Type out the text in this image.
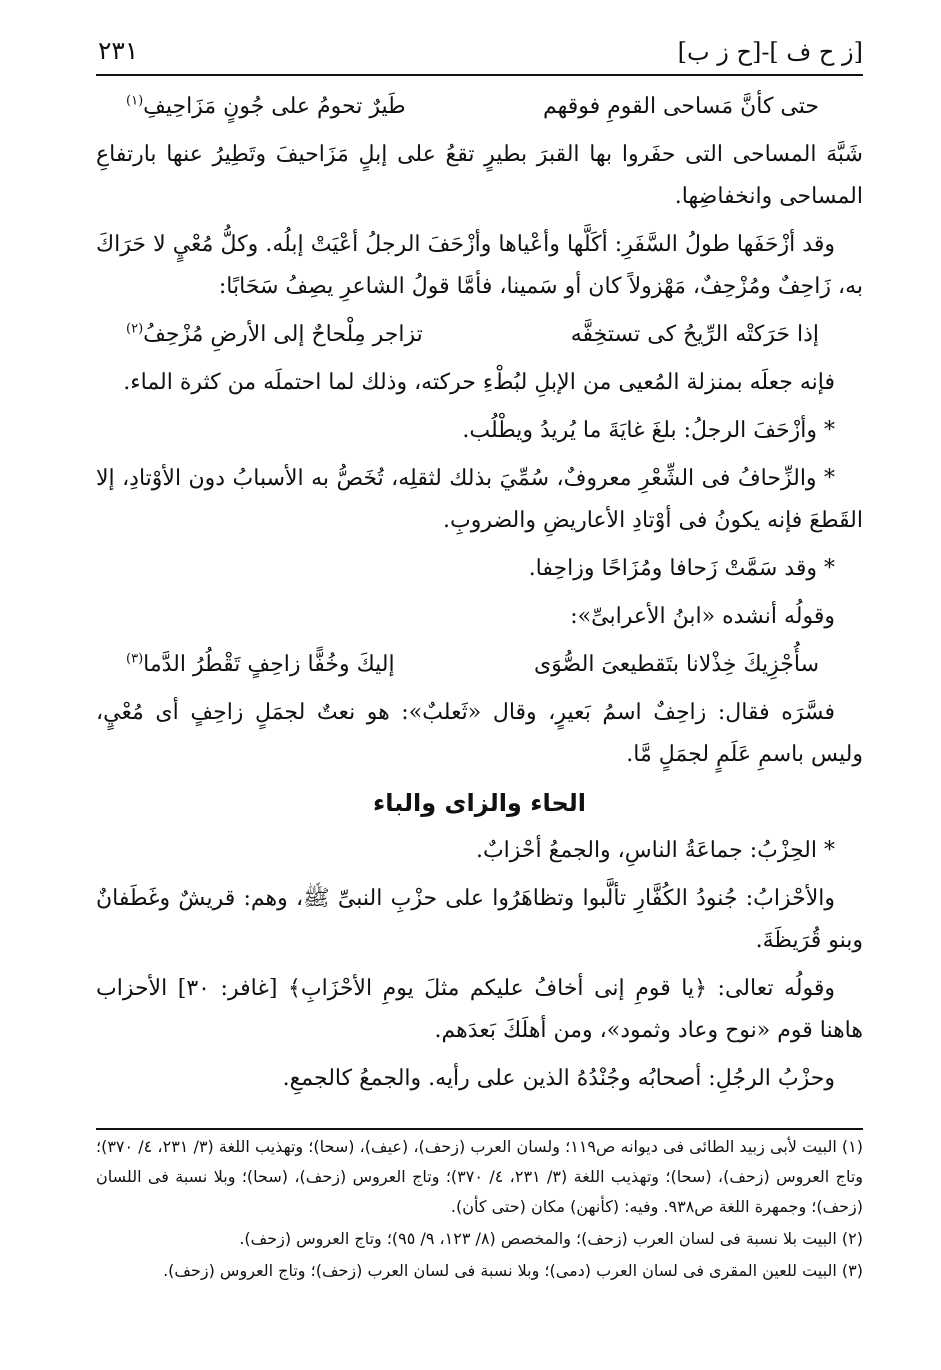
[ز ح ف ]-[ح ز ب]
٢٣١
حتى كأنَّ مَساحى القومِ فوقهم
طَيرٌ تحومُ على جُونٍ مَزَاحِيفِ$^{(١)}$

شَبَّهَ المساحى التى حفَروا بها القبرَ بطيرٍ تقعُ على إبلٍ مَزَاحيفَ وتَطِيرُ عنها بارتفاعِ المساحى وانخفاضِها.

وقد أزْحَفَها طولُ السَّفَرِ: أكَلَّها وأعْياها وأزْحَفَ الرجلُ أعْيَتْ إبلُه. وكلُّ مُعْيٍ لا حَرَاكَ به، زَاحِفٌ ومُزْحِفٌ، مَهْزولاً كان أو سَمينا، فأمَّا قولُ الشاعرِ يصِفُ سَحَابًا:

إذا حَرَكتْه الرِّيحُ كى تستخِفَّه
تزاجر مِلْحاحٌ إلى الأرضِ مُزْحِفُ$^{(٢)}$

فإنه جعلَه بمنزلة المُعيى من الإبلِ لبُطْءِ حركته، وذلك لما احتملَه من كثرة الماء.

* وأزْحَفَ الرجلُ: بلغَ غايَةَ ما يُريدُ ويطْلُب.

* والزِّحافُ فى الشِّعْرِ معروفٌ، سُمِّيَ بذلك لثقلِه، تُخَصُّ به الأسبابُ دون الأوْتادِ، إلا القَطعَ فإنه يكونُ فى أوْتادِ الأعاريضِ والضروبِ.

* وقد سَمَّتْ زَحافا ومُزَاحًا وزاحِفا.

وقولُه أنشده «ابنُ الأعرابىِّ»:

سأُجْزِيكَ خِذْلانا بتَقطيعىَ الصُّوَى
إليكَ وخُفًّا زاحِفٍ تَقْطُرُ الدَّما$^{(٣)}$

فسَّرَه فقال: زاحِفٌ اسمُ بَعيرٍ، وقال «ثَعلبٌ»: هو نعتٌ لجمَلٍ زاحِفٍ أى مُعْيٍ، وليس باسمِ عَلَمٍ لجمَلٍ مَّا.

الحاء والزاى والباء

* الحِزْبُ: جماعَةُ الناسِ، والجمعُ أحْزابٌ.

والأحْزابُ: جُنودُ الكُفَّارِ تألَّبوا وتظاهَرُوا على حزْبِ النبىِّ ﷺ، وهم: قريشٌ وغَطَفانٌ وبنو قُرَيظَةَ.

وقولُه تعالى: ﴿يا قومِ إنى أخافُ عليكم مثلَ يومِ الأحْزَابِ﴾ [غافر: ٣٠] الأحزاب هاهنا قوم «نوح وعاد وثمود»، ومن أهلَكَ بَعدَهم.

وحزْبُ الرجُلِ: أصحابُه وجُنْدُهُ الذين على رأيه. والجمعُ كالجمعِ.

(١) البيت لأبى زبيد الطائى فى ديوانه ص١١٩؛ ولسان العرب (زحف)، (عيف)، (سحا)؛ وتهذيب اللغة (٣/ ٢٣١، ٤/ ٣٧٠)؛ وتاج العروس (زحف)، (سحا)؛ وتهذيب اللغة (٣/ ٢٣١، ٤/ ٣٧٠)؛ وتاج العروس (زحف)، (سحا)؛ وبلا نسبة فى اللسان (زحف)؛ وجمهرة اللغة ص٩٣٨. وفيه: (كأنهن) مكان (حتى كأن).

(٢) البيت بلا نسبة فى لسان العرب (زحف)؛ والمخصص (٨/ ١٢٣، ٩/ ٩٥)؛ وتاج العروس (زحف).

(٣) البيت للعين المقرى فى لسان العرب (دمى)؛ وبلا نسبة فى لسان العرب (زحف)؛ وتاج العروس (زحف).
